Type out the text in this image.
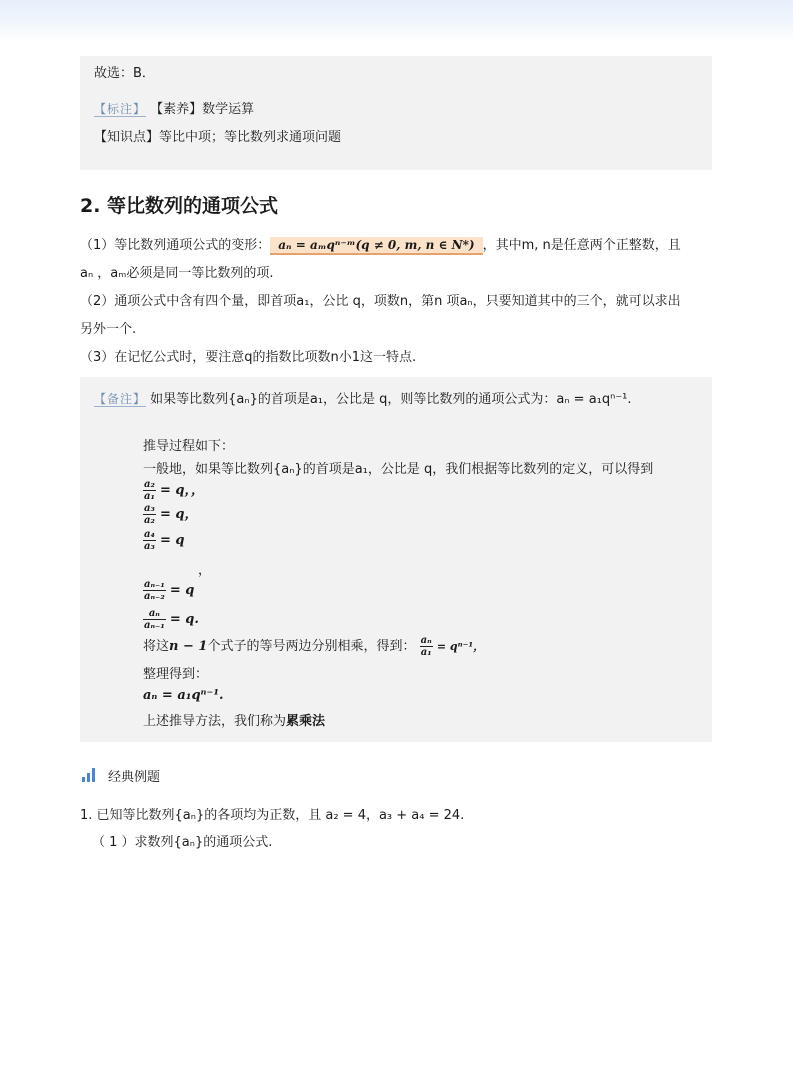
故选：B．
【标注】 【素养】数学运算
【知识点】等比中项；等比数列求通项问题
2. 等比数列的通项公式
（1）等比数列通项公式的变形： aₙ = aₘqⁿ⁻ᵐ(q ≠ 0, m, n ∈ N*) ，其中m, n是任意两个正整数，且
aₙ ，aₘ必须是同一等比数列的项.
（2）通项公式中含有四个量，即首项a₁，公比 q，项数n，第n 项aₙ，只要知道其中的三个，就可以求出
另外一个.
（3）在记忆公式时，要注意q的指数比项数n小1这一特点.
【备注】 如果等比数列{aₙ}的首项是a₁，公比是 q，则等比数列的通项公式为：aₙ = a₁qⁿ⁻¹.
推导过程如下：
一般地，如果等比数列{aₙ}的首项是a₁，公比是 q，我们根据等比数列的定义，可以得到
$\frac{\text{a₂}}{\text{a₁}} = q$，，
$\frac{\text{a₃}}{\text{a₂}} = q$，
$\frac{\text{a₄}}{\text{a₃}} = q$
，
$\frac{\text{aₙ₋₁}}{\text{aₙ₋₂}} = q$
$\frac{\text{aₙ}}{\text{aₙ₋₁}} = q$.
将这n − 1个式子的等号两边分别相乘，得到： $\frac{\text{aₙ}}{\text{a₁}} = q^{n-1}$，
整理得到：
aₙ = a₁qⁿ⁻¹.
上述推导方法，我们称为累乘法
经典例题
1. 已知等比数列{aₙ}的各项均为正数，且 a₂ = 4，a₃ + a₄ = 24.
（ 1 ）求数列{aₙ}的通项公式.
